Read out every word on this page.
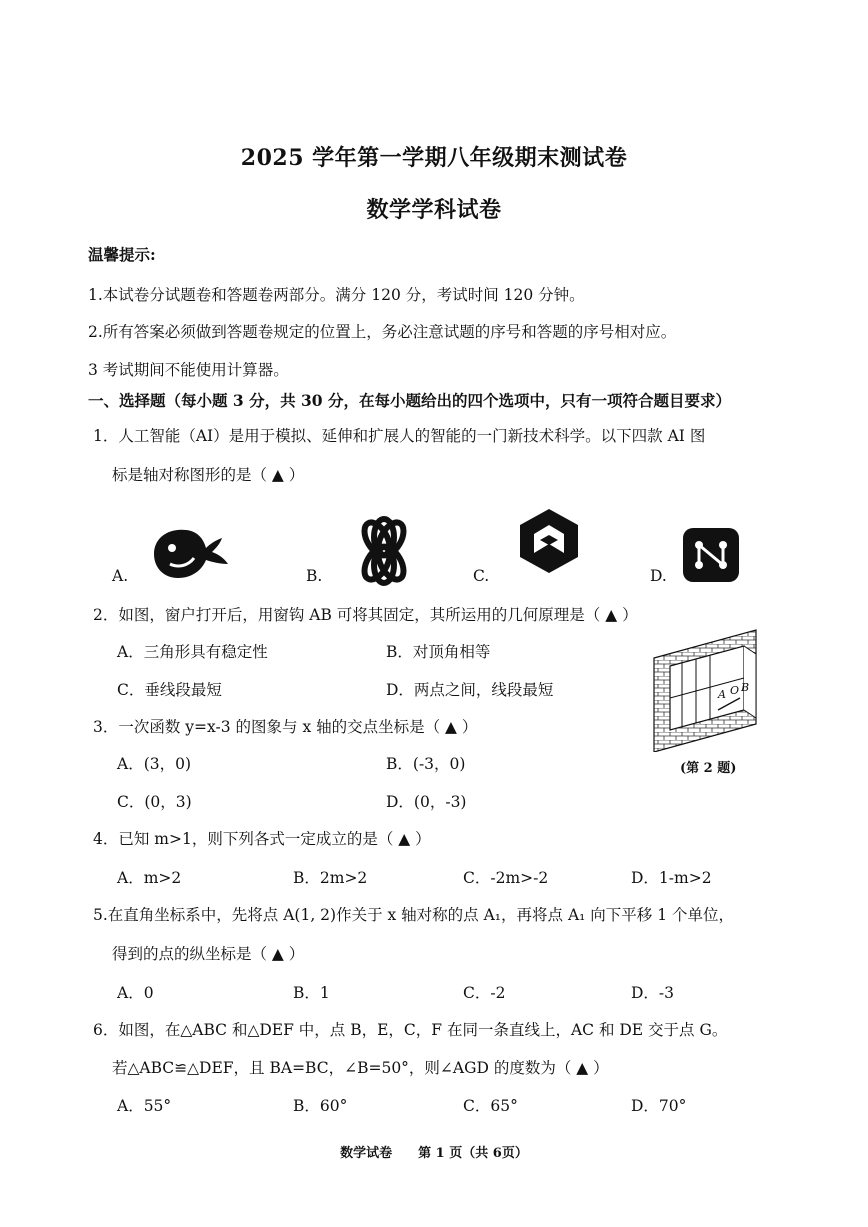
2025 学年第一学期八年级期末测试卷
数学学科试卷
温馨提示:
1.本试卷分试题卷和答题卷两部分。满分 120 分，考试时间 120 分钟。
2.所有答案必须做到答题卷规定的位置上，务必注意试题的序号和答题的序号相对应。
3 考试期间不能使用计算器。
一、选择题（每小题 3 分，共 30 分，在每小题给出的四个选项中，只有一项符合题目要求）
1．人工智能（AI）是用于模拟、延伸和扩展人的智能的一门新技术科学。以下四款 AI 图
标是轴对称图形的是（ ▲ ）
A.	B.	C.	D.
2．如图，窗户打开后，用窗钩 AB 可将其固定，其所运用的几何原理是（ ▲ ）
A．三角形具有稳定性	B．对顶角相等
C．垂线段最短	D．两点之间，线段最短	A O B
(第 2 题)
3．一次函数 y=x-3 的图象与 x 轴的交点坐标是（ ▲ ）
A．(3，0)	B．(-3，0)
C．(0，3)	D．(0，-3)
4．已知 m>1，则下列各式一定成立的是（ ▲ ）
A．m>2	B．2m>2	C．-2m>-2	D．1-m>2
5.在直角坐标系中，先将点 A(1, 2)作关于 x 轴对称的点 A₁，再将点 A₁ 向下平移 1 个单位，
得到的点的纵坐标是（ ▲ ）
A．0	B．1	C．-2	D．-3
6．如图，在△ABC 和△DEF 中，点 B，E，C，F 在同一条直线上，AC 和 DE 交于点 G。
若△ABC≌△DEF，且 BA=BC，∠B=50°，则∠AGD 的度数为（ ▲ ）
A．55°	B．60°	C．65°	D．70°
数学试卷　　第 1 页（共 6页）
